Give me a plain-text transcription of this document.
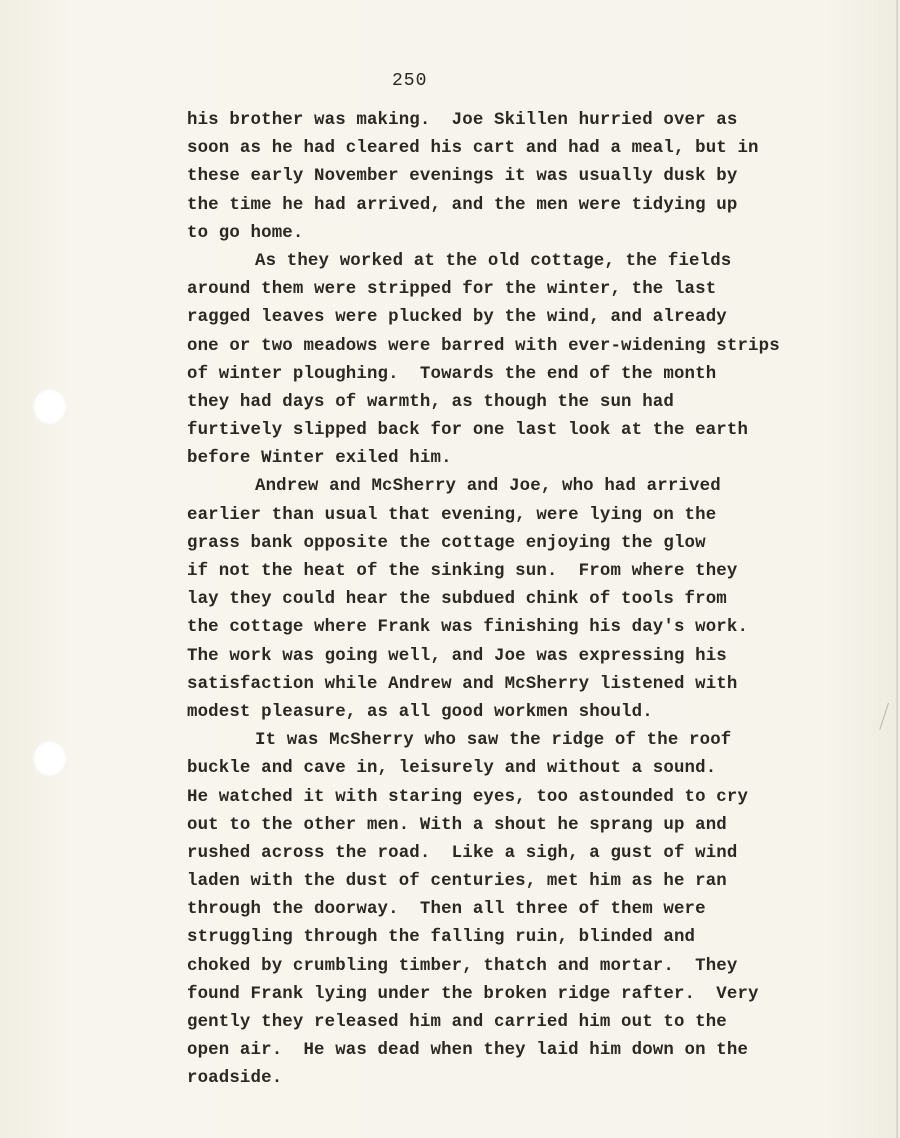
250
his brother was making.  Joe Skillen hurried over as
soon as he had cleared his cart and had a meal, but in
these early November evenings it was usually dusk by
the time he had arrived, and the men were tidying up
to go home.
As they worked at the old cottage, the fields
around them were stripped for the winter, the last
ragged leaves were plucked by the wind, and already
one or two meadows were barred with ever-widening strips
of winter ploughing.  Towards the end of the month
they had days of warmth, as though the sun had
furtively slipped back for one last look at the earth
before Winter exiled him.
Andrew and McSherry and Joe, who had arrived
earlier than usual that evening, were lying on the
grass bank opposite the cottage enjoying the glow
if not the heat of the sinking sun.  From where they
lay they could hear the subdued chink of tools from
the cottage where Frank was finishing his day's work.
The work was going well, and Joe was expressing his
satisfaction while Andrew and McSherry listened with
modest pleasure, as all good workmen should.
It was McSherry who saw the ridge of the roof
buckle and cave in, leisurely and without a sound.
He watched it with staring eyes, too astounded to cry
out to the other men. With a shout he sprang up and
rushed across the road.  Like a sigh, a gust of wind
laden with the dust of centuries, met him as he ran
through the doorway.  Then all three of them were
struggling through the falling ruin, blinded and
choked by crumbling timber, thatch and mortar.  They
found Frank lying under the broken ridge rafter.  Very
gently they released him and carried him out to the
open air.  He was dead when they laid him down on the
roadside.
